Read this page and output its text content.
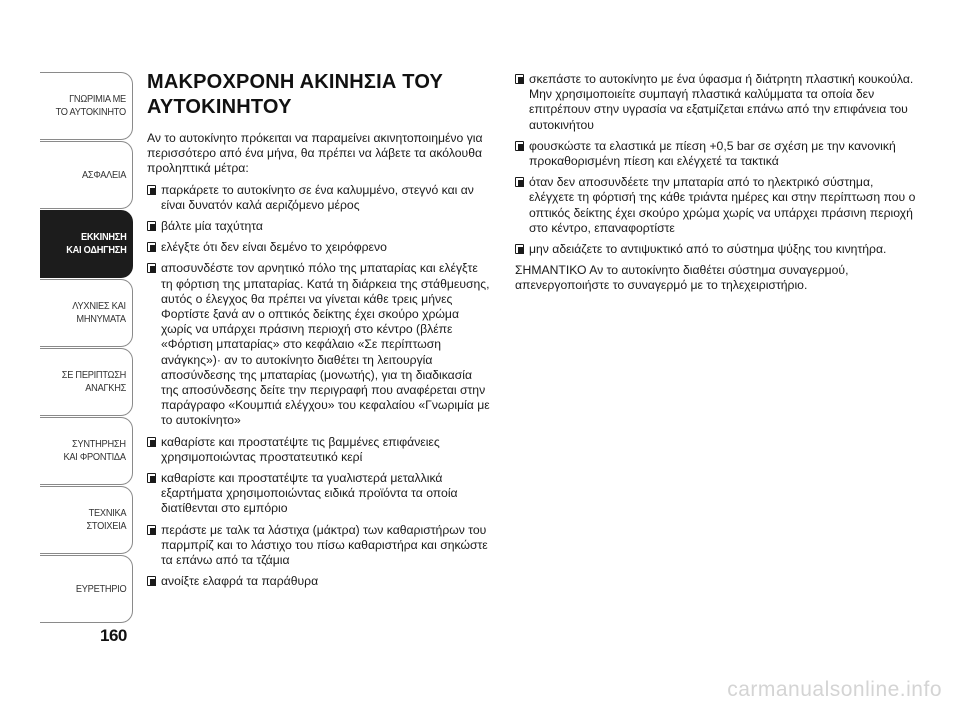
ΓΝΩΡΙΜΙΑ ΜΕ
ΤΟ ΑΥΤΟΚΙΝΗΤΟ
ΑΣΦΑΛΕΙΑ
ΕΚΚΙΝΗΣΗ
ΚΑΙ ΟΔΗΓΗΣΗ
ΛΥΧΝΙΕΣ ΚΑΙ
ΜΗΝΥΜΑΤΑ
ΣΕ ΠΕΡΙΠΤΩΣΗ
ΑΝΑΓΚΗΣ
ΣΥΝΤΗΡΗΣΗ
ΚΑΙ ΦΡΟΝΤΙΔΑ
ΤΕΧΝΙΚΑ
ΣΤΟΙΧΕΙΑ
ΕΥΡΕΤΗΡΙΟ
160
ΜΑΚΡΟΧΡΟΝΗ ΑΚΙΝΗΣΙΑ ΤΟΥ ΑΥΤΟΚΙΝΗΤΟΥ

Αν το αυτοκίνητο πρόκειται να παραμείνει ακινητοποιημένο για περισσότερο από ένα μήνα, θα πρέπει να λάβετε τα ακόλουθα προληπτικά μέτρα:

παρκάρετε το αυτοκίνητο σε ένα καλυμμένο, στεγνό και αν είναι δυνατόν καλά αεριζόμενο μέρος
βάλτε μία ταχύτητα
ελέγξτε ότι δεν είναι δεμένο το χειρόφρενο
αποσυνδέστε τον αρνητικό πόλο της μπαταρίας και ελέγξτε τη φόρτιση της μπαταρίας. Κατά τη διάρκεια της στάθμευσης, αυτός ο έλεγχος θα πρέπει να γίνεται κάθε τρεις μήνες Φορτίστε ξανά αν ο οπτικός δείκτης έχει σκούρο χρώμα χωρίς να υπάρχει πράσινη περιοχή στο κέντρο (βλέπε «Φόρτιση μπαταρίας» στο κεφάλαιο «Σε περίπτωση ανάγκης»)· αν το αυτοκίνητο διαθέτει τη λειτουργία αποσύνδεσης της μπαταρίας (μονωτής), για τη διαδικασία της αποσύνδεσης δείτε την περιγραφή που αναφέρεται στην παράγραφο «Κουμπιά ελέγχου» του κεφαλαίου «Γνωριμία με το αυτοκίνητο»
καθαρίστε και προστατέψτε τις βαμμένες επιφάνειες χρησιμοποιώντας προστατευτικό κερί
καθαρίστε και προστατέψτε τα γυαλιστερά μεταλλικά εξαρτήματα χρησιμοποιώντας ειδικά προϊόντα τα οποία διατίθενται στο εμπόριο
περάστε με ταλκ τα λάστιχα (μάκτρα) των καθαριστήρων του παρμπρίζ και το λάστιχο του πίσω καθαριστήρα και σηκώστε τα επάνω από τα τζάμια
ανοίξτε ελαφρά τα παράθυρα
σκεπάστε το αυτοκίνητο με ένα ύφασμα ή διάτρητη πλαστική κουκούλα. Μην χρησιμοποιείτε συμπαγή πλαστικά καλύμματα τα οποία δεν επιτρέπουν στην υγρασία να εξατμίζεται επάνω από την επιφάνεια του αυτοκινήτου
φουσκώστε τα ελαστικά με πίεση +0,5 bar σε σχέση με την κανονική προκαθορισμένη πίεση και ελέγχετέ τα τακτικά
όταν δεν αποσυνδέετε την μπαταρία από το ηλεκτρικό σύστημα, ελέγχετε τη φόρτισή της κάθε τριάντα ημέρες και στην περίπτωση που ο οπτικός δείκτης έχει σκούρο χρώμα χωρίς να υπάρχει πράσινη περιοχή στο κέντρο, επαναφορτίστε
μην αδειάζετε το αντιψυκτικό από το σύστημα ψύξης του κινητήρα.

ΣΗΜΑΝΤΙΚΟ Αν το αυτοκίνητο διαθέτει σύστημα συναγερμού, απενεργοποιήστε το συναγερμό με το τηλεχειριστήριο.

carmanualsonline.info
